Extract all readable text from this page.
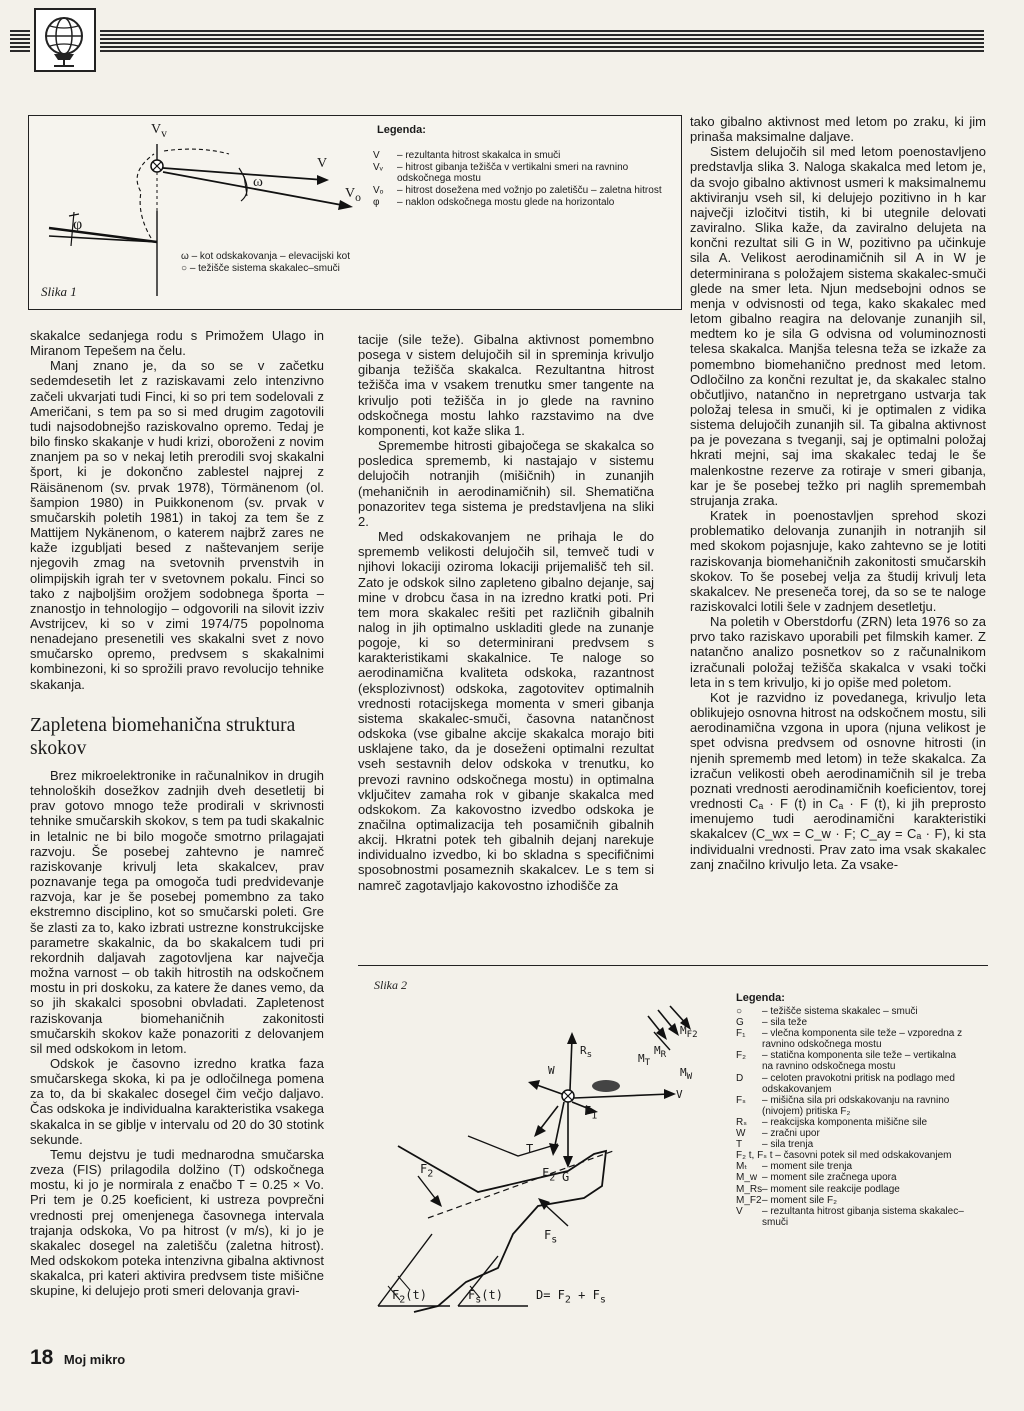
$V_v$
V
$V_o$
ω
φ
Legenda:
V	– rezultanta hitrost skakalca in smuči
Vᵥ	– hitrost gibanja težišča v vertikalni smeri na ravnino odskočnega mostu
Vₒ	– hitrost dosežena med vožnjo po zaletišču – zaletna hitrost
φ	– naklon odskočnega mostu glede na horizontalo
ω – kot odskakovanja – elevacijski kot
○ – težišče sistema skakalec–smuči
Slika 1

skakalce sedanjega rodu s Primožem Ulago in Miranom Tepešem na čelu.

Manj znano je, da so se v začetku sedemdesetih let z raziskavami zelo intenzivno začeli ukvarjati tudi Finci, ki so pri tem sodelovali z Američani, s tem pa so si med drugim zagotovili tudi najsodobnejšo raziskovalno opremo. Tedaj je bilo finsko skakanje v hudi krizi, oboroženi z novim znanjem pa so v nekaj letih prerodili svoj skakalni šport, ki je dokončno zablestel najprej z Räisänenom (sv. prvak 1978), Törmänenom (ol. šampion 1980) in Puikkonenom (sv. prvak v smučarskih poletih 1981) in takoj za tem še z Mattijem Nykänenom, o katerem najbrž zares ne kaže izgubljati besed z naštevanjem serije njegovih zmag na svetovnih prvenstvih in olimpijskih igrah ter v svetovnem pokalu. Finci so tako z najboljšim orožjem sodobnega športa – znanostjo in tehnologijo – odgovorili na silovit izziv Avstrijcev, ki so v zimi 1974/75 popolnoma nenadejano presenetili ves skakalni svet z novo smučarsko opremo, predvsem s skakalnimi kombinezoni, ki so sprožili pravo revolucijo tehnike skakanja.

Zapletena biomehanična struktura skokov

Brez mikroelektronike in računalnikov in drugih tehnoloških dosežkov zadnjih dveh desetletij bi prav gotovo mnogo teže prodirali v skrivnosti tehnike smučarskih skokov, s tem pa tudi skakalnic in letalnic ne bi bilo mogoče smotrno prilagajati razvoju. Še posebej zahtevno je namreč raziskovanje krivulj leta skakalcev, prav poznavanje tega pa omogoča tudi predvidevanje razvoja, kar je še posebej pomembno za tako ekstremno disciplino, kot so smučarski poleti. Gre še zlasti za to, kako izbrati ustrezne konstrukcijske parametre skakalnic, da bo skakalcem tudi pri rekordnih daljavah zagotovljena kar največja možna varnost – ob takih hitrostih na odskočnem mostu in pri doskoku, za katere že danes vemo, da so jih skakalci sposobni obvladati. Zapletenost raziskovanja biomehaničnih zakonitosti smučarskih skokov kaže ponazoriti z delovanjem sil med odskokom in letom.

Odskok je časovno izredno kratka faza smučarskega skoka, ki pa je odločilnega pomena za to, da bi skakalec dosegel čim večjo daljavo. Čas odskoka je individualna karakteristika vsakega skakalca in se giblje v intervalu od 20 do 30 stotink sekunde.

Temu dejstvu je tudi mednarodna smučarska zveza (FIS) prilagodila dolžino (T) odskočnega mostu, ki jo je normirala z enačbo T = 0.25 × Vo. Pri tem je 0.25 koeficient, ki ustreza povprečni vrednosti prej omenjenega časovnega intervala trajanja odskoka, Vo pa hitrost (v m/s), ki jo je skakalec dosegel na zaletišču (zaletna hitrost). Med odskokom poteka intenzivna gibalna aktivnost skakalca, pri kateri aktivira predvsem tiste mišične skupine, ki delujejo proti smeri delovanja gravi-

tacije (sile teže). Gibalna aktivnost pomembno posega v sistem delujočih sil in spreminja krivuljo gibanja težišča skakalca. Rezultantna hitrost težišča ima v vsakem trenutku smer tangente na krivuljo poti težišča in jo glede na ravnino odskočnega mostu lahko razstavimo na dve komponenti, kot kaže slika 1.

Spremembe hitrosti gibajočega se skakalca so posledica sprememb, ki nastajajo v sistemu delujočih notranjih (mišičnih) in zunanjih (mehaničnih in aerodinamičnih) sil. Shematična ponazoritev tega sistema je predstavljena na sliki 2.

Med odskakovanjem ne prihaja le do sprememb velikosti delujočih sil, temveč tudi v njihovi lokaciji oziroma lokaciji prijemališč teh sil. Zato je odskok silno zapleteno gibalno dejanje, saj mine v drobcu časa in na izredno kratki poti. Pri tem mora skakalec rešiti pet različnih gibalnih nalog in jih optimalno uskladiti glede na zunanje pogoje, ki so determinirani predvsem s karakteristikami skakalnice. Te naloge so aerodinamična kvaliteta odskoka, razantnost (eksplozivnost) odskoka, zagotovitev optimalnih vrednosti rotacijskega momenta v smeri gibanja sistema skakalec-smuči, časovna natančnost odskoka (vse gibalne akcije skakalca morajo biti usklajene tako, da je doseženi optimalni rezultat vseh sestavnih delov odskoka v trenutku, ko prevozi ravnino odskočnega mostu) in optimalna vključitev zamaha rok v gibanje skakalca med odskokom. Za kakovostno izvedbo odskoka je značilna optimalizacija teh posamičnih gibalnih akcij. Hkratni potek teh gibalnih dejanj narekuje individualno izvedbo, ki bo skladna s specifičnimi sposobnostmi posameznih skakalcev. Le s tem si namreč zagotavljajo kakovostno izhodišče za

tako gibalno aktivnost med letom po zraku, ki jim prinaša maksimalne daljave.

Sistem delujočih sil med letom poenostavljeno predstavlja slika 3. Naloga skakalca med letom je, da svojo gibalno aktivnost usmeri k maksimalnemu aktiviranju vseh sil, ki delujejo pozitivno in h kar največji izločitvi tistih, ki bi utegnile delovati zaviralno. Slika kaže, da zaviralno delujeta na končni rezultat sili G in W, pozitivno pa učinkuje sila A. Velikost aerodinamičnih sil A in W je determinirana s položajem sistema skakalec-smuči glede na smer leta. Njun medsebojni odnos se menja v odvisnosti od tega, kako skakalec med letom gibalno reagira na delovanje zunanjih sil, medtem ko je sila G odvisna od voluminoznosti telesa skakalca. Manjša telesna teža se izkaže za pomembno biomehanično prednost med letom. Odločilno za končni rezultat je, da skakalec stalno občutljivo, natančno in nepretrgano ustvarja tak položaj telesa in smuči, ki je optimalen z vidika sistema delujočih zunanjih sil. Ta gibalna aktivnost pa je povezana s tveganji, saj je optimalni položaj hkrati mejni, saj ima skakalec tedaj le še malenkostne rezerve za rotiraje v smeri gibanja, kar je še posebej težko pri naglih spremembah strujanja zraka.

Kratek in poenostavljen sprehod skozi problematiko delovanja zunanjih in notranjih sil med skokom pojasnjuje, kako zahtevno se je lotiti raziskovanja biomehaničnih zakonitosti smučarskih skokov. To še posebej velja za študij krivulj leta skakalcev. Ne preseneča torej, da so se te naloge raziskovalci lotili šele v zadnjem desetletju.

Na poletih v Oberstdorfu (ZRN) leta 1976 so za prvo tako raziskavo uporabili pet filmskih kamer. Z natančno analizo posnetkov so z računalnikom izračunali položaj težišča skakalca v vsaki točki leta in s tem krivuljo, ki jo opiše med poletom.

Kot je razvidno iz povedanega, krivuljo leta oblikujejo osnovna hitrost na odskočnem mostu, sili aerodinamična vzgona in upora (njuna velikost je spet odvisna predvsem od osnovne hitrosti (in njenih sprememb med letom) in teže skakalca. Za izračun velikosti obeh aerodinamičnih sil je treba poznati vrednosti aerodinamičnih koeficientov, torej vrednosti Cₐ · F (t) in Cₐ · F (t), ki jih preprosto imenujemo tudi aerodinamični karakteristiki skakalcev (C_wx = C_w · F; C_ay = Cₐ · F), ki sta individualni vrednosti. Prav zato ima vsak skakalec zanj značilno krivuljo leta. Za vsake-

Slika 2
$M_{F2}$
$M_T$
$M_R$
$R_s$
$M_W$
W
V
$F_1$
T
$F_2$ G
$F_2$
$F_s$
$F_2(t)$	$F_s(t)$	$D= F_2 + F_s$
Legenda:
○	– težišče sistema skakalec – smuči
G	– sila teže
F₁	– vlečna komponenta sile teže – vzporedna z ravnino odskočnega mostu
F₂	– statična komponenta sile teže – vertikalna na ravnino odskočnega mostu
D	– celoten pravokotni pritisk na podlago med odskakovanjem
Fₛ	– mišična sila pri odskakovanju na ravnino (nivojem) pritiska F₂
Rₛ	– reakcijska komponenta mišične sile
W	– zračni upor
T	– sila trenja
F₂ t, Fₛ t – časovni potek sil med odskakovanjem
Mₜ	– moment sile trenja
M_w – moment sile zračnega upora
M_Rs – moment sile reakcije podlage
M_F2 – moment sile F₂
V	– rezultanta hitrost gibanja sistema skakalec–smuči
18 Moj mikro
